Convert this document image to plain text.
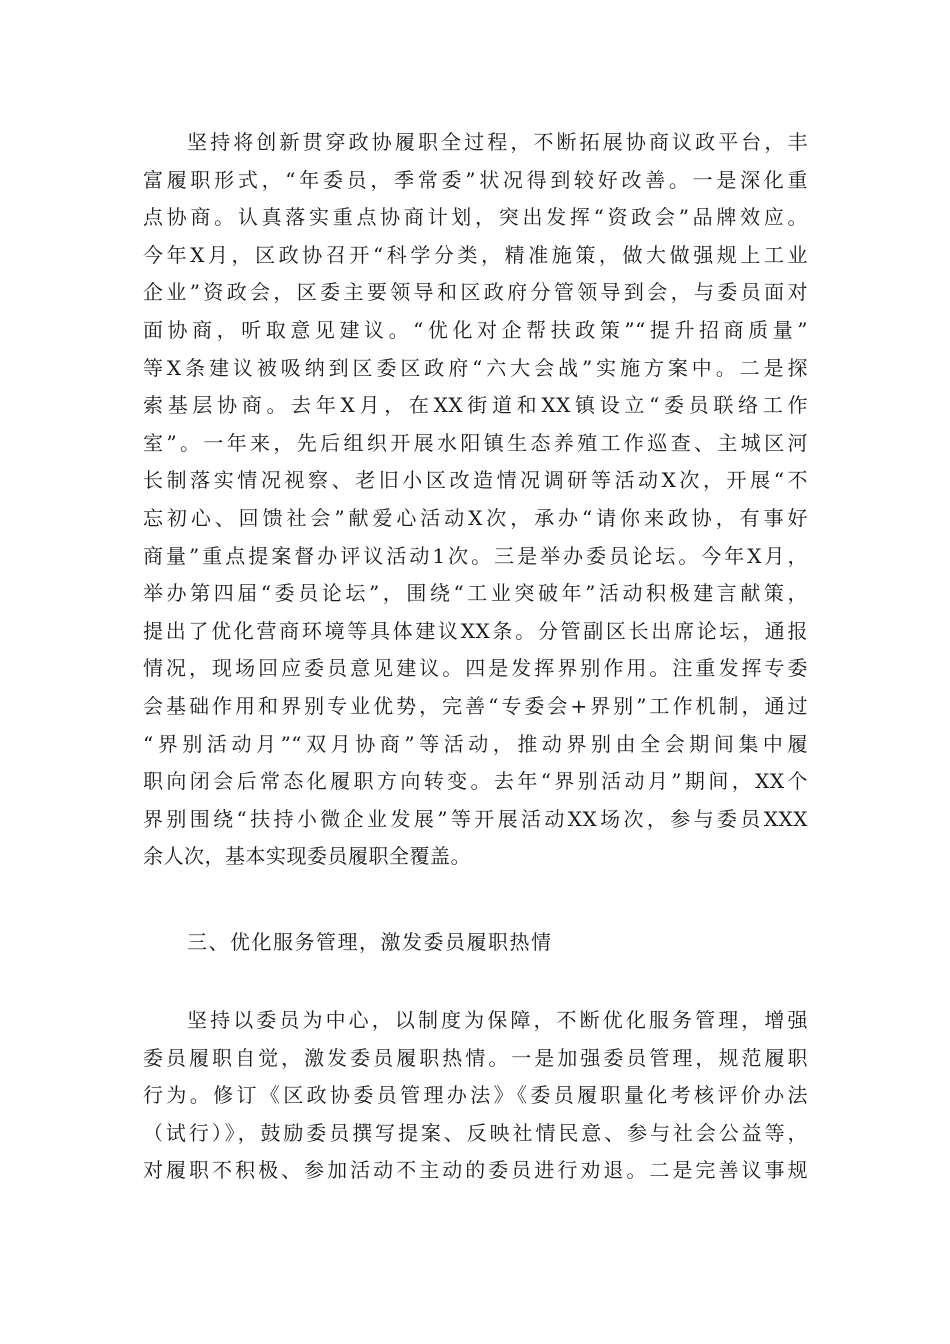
坚持将创新贯穿政协履职全过程，不断拓展协商议政平台，丰
富履职形式，“年委员，季常委”状况得到较好改善。一是深化重
点协商。认真落实重点协商计划，突出发挥“资政会”品牌效应。
今年X月，区政协召开“科学分类，精准施策，做大做强规上工业
企业”资政会，区委主要领导和区政府分管领导到会，与委员面对
面协商，听取意见建议。“优化对企帮扶政策”“提升招商质量”
等X条建议被吸纳到区委区政府“六大会战”实施方案中。二是探
索基层协商。去年X月，在XX街道和XX镇设立“委员联络工作
室”。一年来，先后组织开展水阳镇生态养殖工作巡查、主城区河
长制落实情况视察、老旧小区改造情况调研等活动X次，开展“不
忘初心、回馈社会”献爱心活动X次，承办“请你来政协，有事好
商量”重点提案督办评议活动1次。三是举办委员论坛。今年X月，
举办第四届“委员论坛”，围绕“工业突破年”活动积极建言献策，
提出了优化营商环境等具体建议XX条。分管副区长出席论坛，通报
情况，现场回应委员意见建议。四是发挥界别作用。注重发挥专委
会基础作用和界别专业优势，完善“专委会+界别”工作机制，通过
“界别活动月”“双月协商”等活动，推动界别由全会期间集中履
职向闭会后常态化履职方向转变。去年“界别活动月”期间，XX个
界别围绕“扶持小微企业发展”等开展活动XX场次，参与委员XXX
余人次，基本实现委员履职全覆盖。
三、优化服务管理，激发委员履职热情
坚持以委员为中心，以制度为保障，不断优化服务管理，增强
委员履职自觉，激发委员履职热情。一是加强委员管理，规范履职
行为。修订《区政协委员管理办法》《委员履职量化考核评价办法
（试行）》，鼓励委员撰写提案、反映社情民意、参与社会公益等，
对履职不积极、参加活动不主动的委员进行劝退。二是完善议事规
